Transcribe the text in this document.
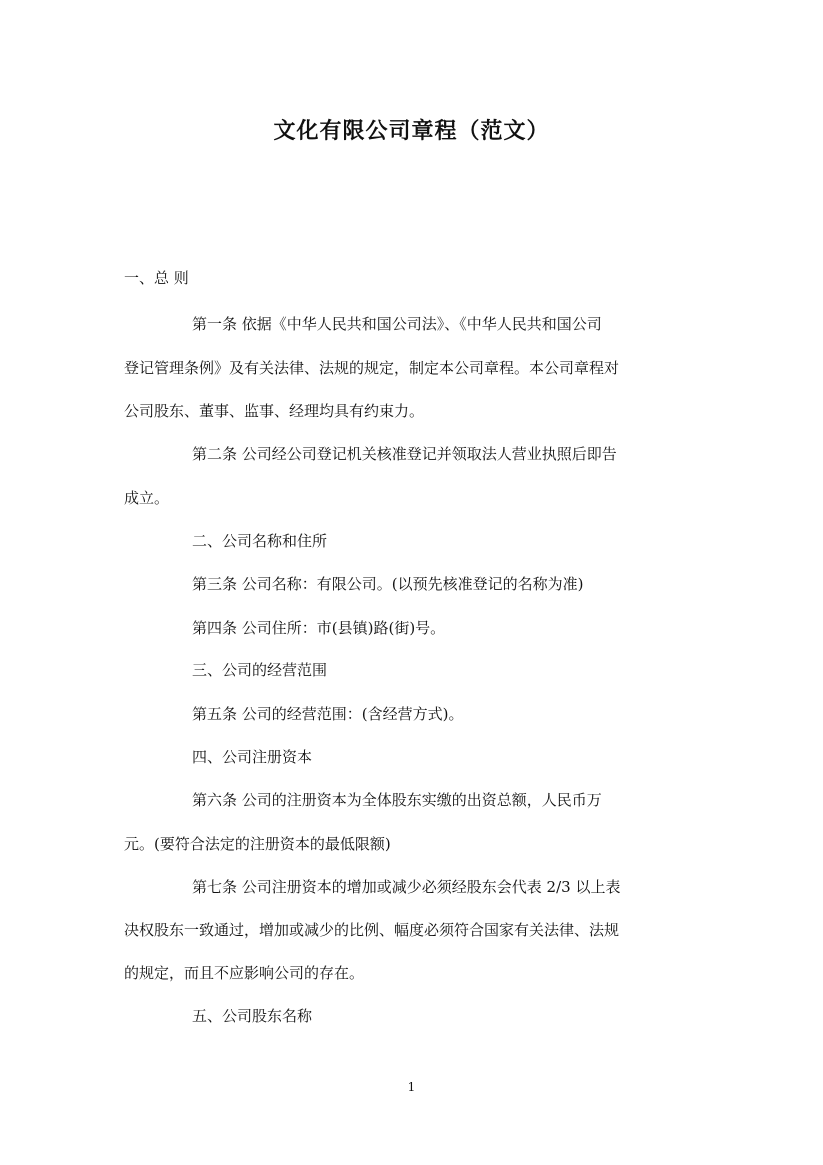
文化有限公司章程（范文）
一、总 则
第一条 依据《中华人民共和国公司法》、《中华人民共和国公司
登记管理条例》及有关法律、法规的规定，制定本公司章程。本公司章程对
公司股东、董事、监事、经理均具有约束力。
第二条 公司经公司登记机关核准登记并领取法人营业执照后即告
成立。
二、公司名称和住所
第三条 公司名称：有限公司。(以预先核准登记的名称为准)
第四条 公司住所：市(县镇)路(街)号。
三、公司的经营范围
第五条 公司的经营范围：(含经营方式)。
四、公司注册资本
第六条 公司的注册资本为全体股东实缴的出资总额，人民币万
元。(要符合法定的注册资本的最低限额)
第七条 公司注册资本的增加或减少必须经股东会代表 2/3 以上表
决权股东一致通过，增加或减少的比例、幅度必须符合国家有关法律、法规
的规定，而且不应影响公司的存在。
五、公司股东名称
1
